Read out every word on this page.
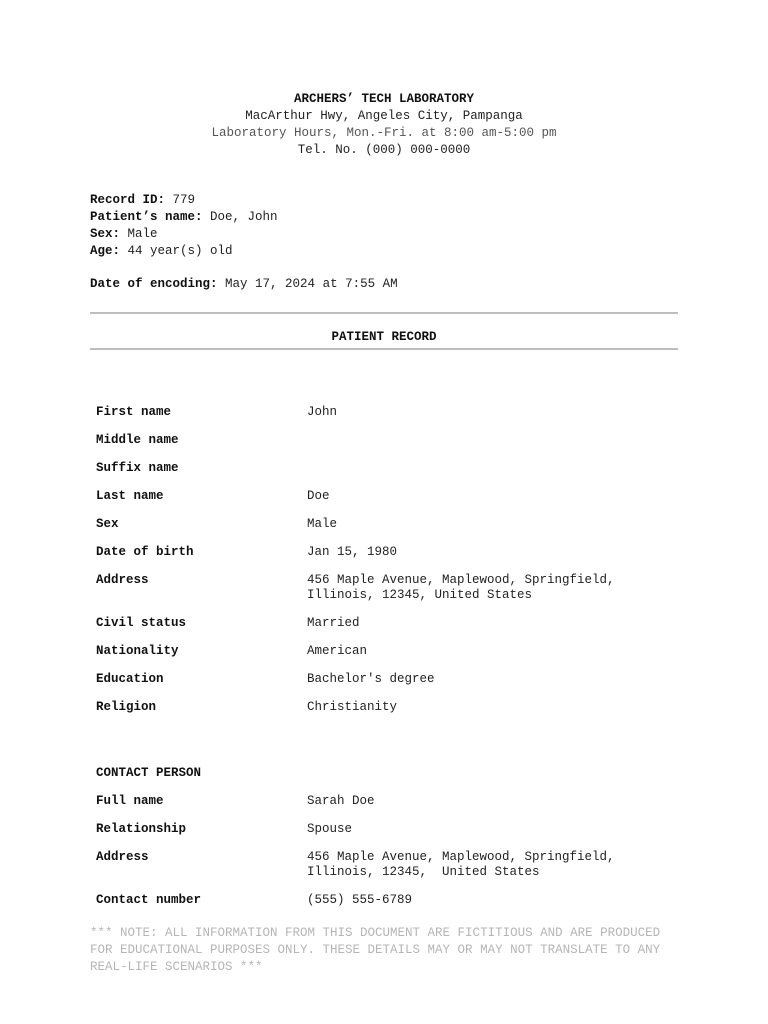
ARCHERS’ TECH LABORATORY
MacArthur Hwy, Angeles City, Pampanga
Laboratory Hours, Mon.-Fri. at 8:00 am-5:00 pm
Tel. No. (000) 000-0000
Record ID: 779
Patient’s name: Doe, John
Sex: Male
Age: 44 year(s) old
Date of encoding: May 17, 2024 at 7:55 AM
PATIENT RECORD
First name	John
Middle name
Suffix name
Last name	Doe
Sex	Male
Date of birth	Jan 15, 1980
Address	456 Maple Avenue, Maplewood, Springfield,
Illinois, 12345, United States
Civil status	Married
Nationality	American
Education	Bachelor's degree
Religion	Christianity
CONTACT PERSON
Full name	Sarah Doe
Relationship	Spouse
Address	456 Maple Avenue, Maplewood, Springfield,
Illinois, 12345,  United States
Contact number	(555) 555-6789
*** NOTE: ALL INFORMATION FROM THIS DOCUMENT ARE FICTITIOUS AND ARE PRODUCED FOR EDUCATIONAL PURPOSES ONLY. THESE DETAILS MAY OR MAY NOT TRANSLATE TO ANY REAL-LIFE SCENARIOS ***
